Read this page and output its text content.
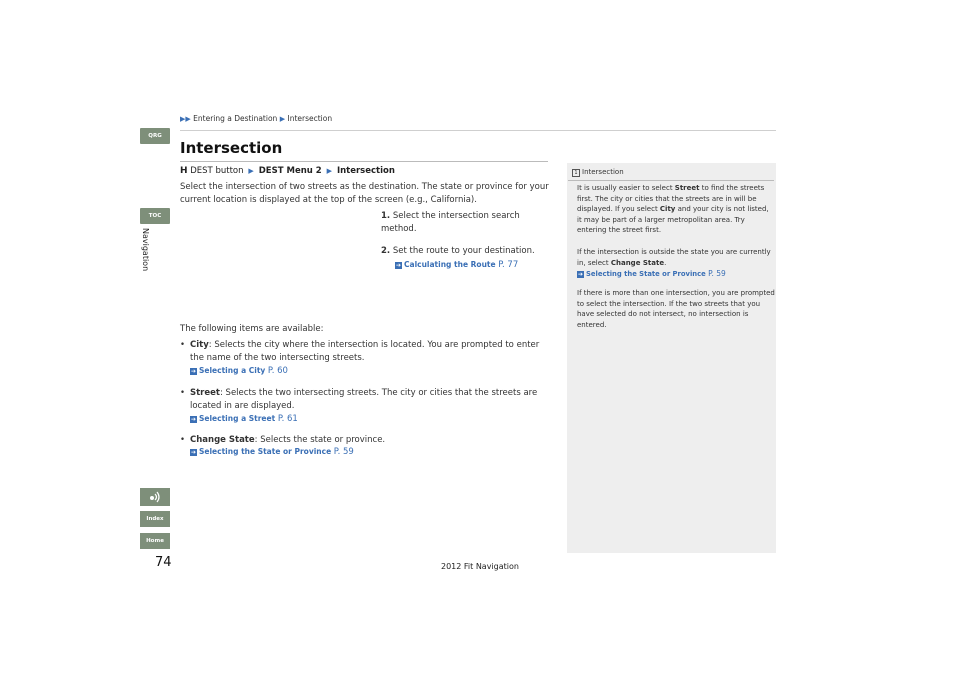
▶▶ Entering a Destination ▶ Intersection
QRG
TOC
Navigation
Index
Home
Intersection
H DEST button  ▶  DEST Menu 2  ▶  Intersection
Select the intersection of two streets as the destination. The state or province for your current location is displayed at the top of the screen (e.g., California).
1. Select the intersection search method.
2. Set the route to your destination.
➔ Calculating the Route P. 77
The following items are available:
• City: Selects the city where the intersection is located. You are prompted to enter the name of the two intersecting streets.
➔ Selecting a City P. 60
• Street: Selects the two intersecting streets. The city or cities that the streets are located in are displayed.
➔ Selecting a Street P. 61
• Change State: Selects the state or province.
➔ Selecting the State or Province P. 59
1 Intersection
It is usually easier to select Street to find the streets first. The city or cities that the streets are in will be displayed. If you select City and your city is not listed, it may be part of a larger metropolitan area. Try entering the street first.
If the intersection is outside the state you are currently in, select Change State.
➔ Selecting the State or Province P. 59
If there is more than one intersection, you are prompted to select the intersection. If the two streets that you have selected do not intersect, no intersection is entered.
74	2012 Fit Navigation
